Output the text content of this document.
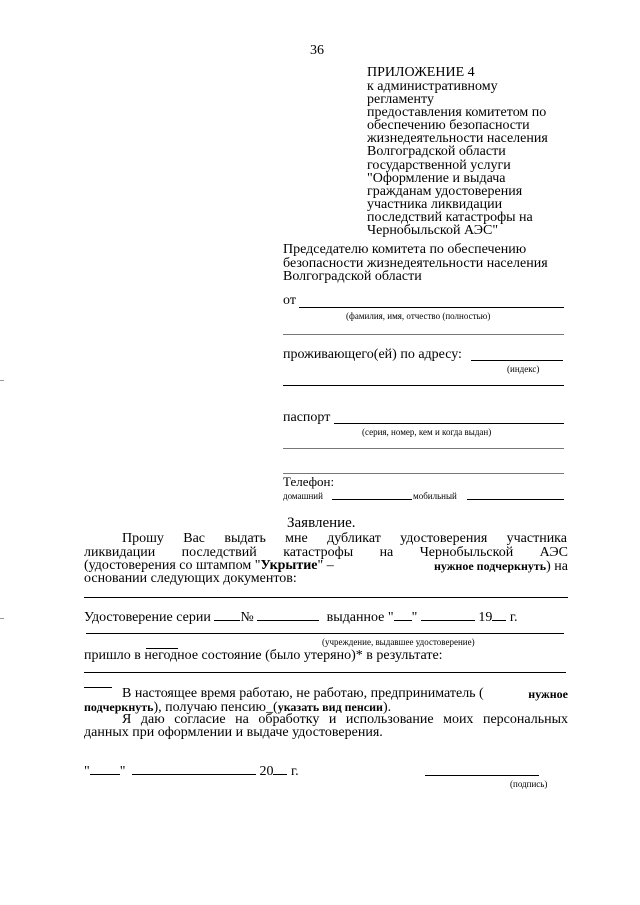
36
ПРИЛОЖЕНИЕ 4
к административному
регламенту
предоставления комитетом по
обеспечению безопасности
жизнедеятельности населения
Волгоградской области
государственной услуги
"Оформление и выдача
гражданам удостоверения
участника ликвидации
последствий катастрофы на
Чернобыльской АЭС"
Председателю комитета по обеспечению
безопасности жизнедеятельности населения
Волгоградской области
от
(фамилия, имя, отчество (полностью)
проживающего(ей) по адресу:
(индекс)
паспорт
(серия, номер, кем и когда выдан)
Телефон:
домашний	мобильный
Заявление.
Прошу Вас выдать мне дубликат удостоверения участника
ликвидации последствий катастрофы на Чернобыльской АЭС
(удостоверения со штампом "Укрытие" –	нужное подчеркнуть) на
основании следующих документов:
Удостоверение серии №	выданное " "	19 г.
(учреждение, выдавшее удостоверение)
пришло в негодное состояние (было утеряно)* в результате:
В настоящее время работаю, не работаю, предприниматель (	нужное
подчеркнуть), получаю пенсию_(указать вид пенсии).
Я даю согласие на обработку и использование моих персональных
данных при оформлении и выдаче удостоверения.
" "	20 г.
(подпись)
